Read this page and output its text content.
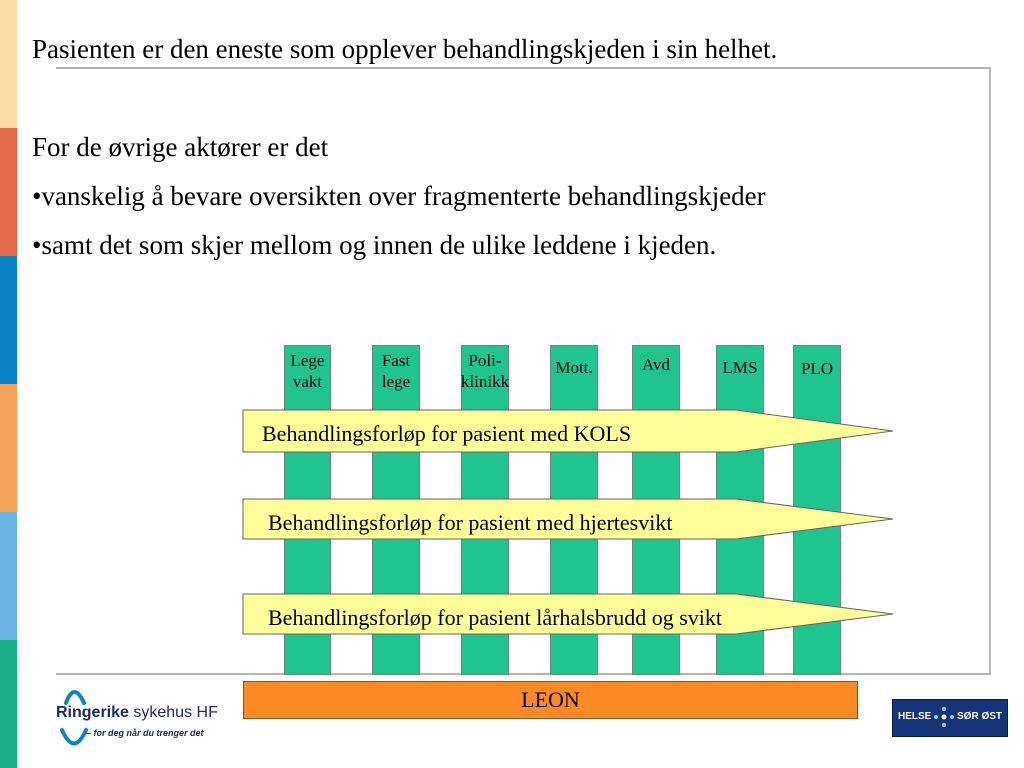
Pasienten er den eneste som opplever behandlingskjeden i sin helhet.
For de øvrige aktører er det
•vanskelig å bevare oversikten over fragmenterte behandlingskjeder
•samt det som skjer mellom og innen de ulike leddene i kjeden.
Lege
vakt
Fast
lege
Poli-
klinikk
Mott.	Avd	LMS	PLO
Behandlingsforløp for pasient med KOLS
Behandlingsforløp for pasient med hjertesvikt
Behandlingsforløp for pasient lårhalsbrudd og svikt
LEON
Ringerike sykehus HF
– for deg når du trenger det
HELSE	SØR ØST
